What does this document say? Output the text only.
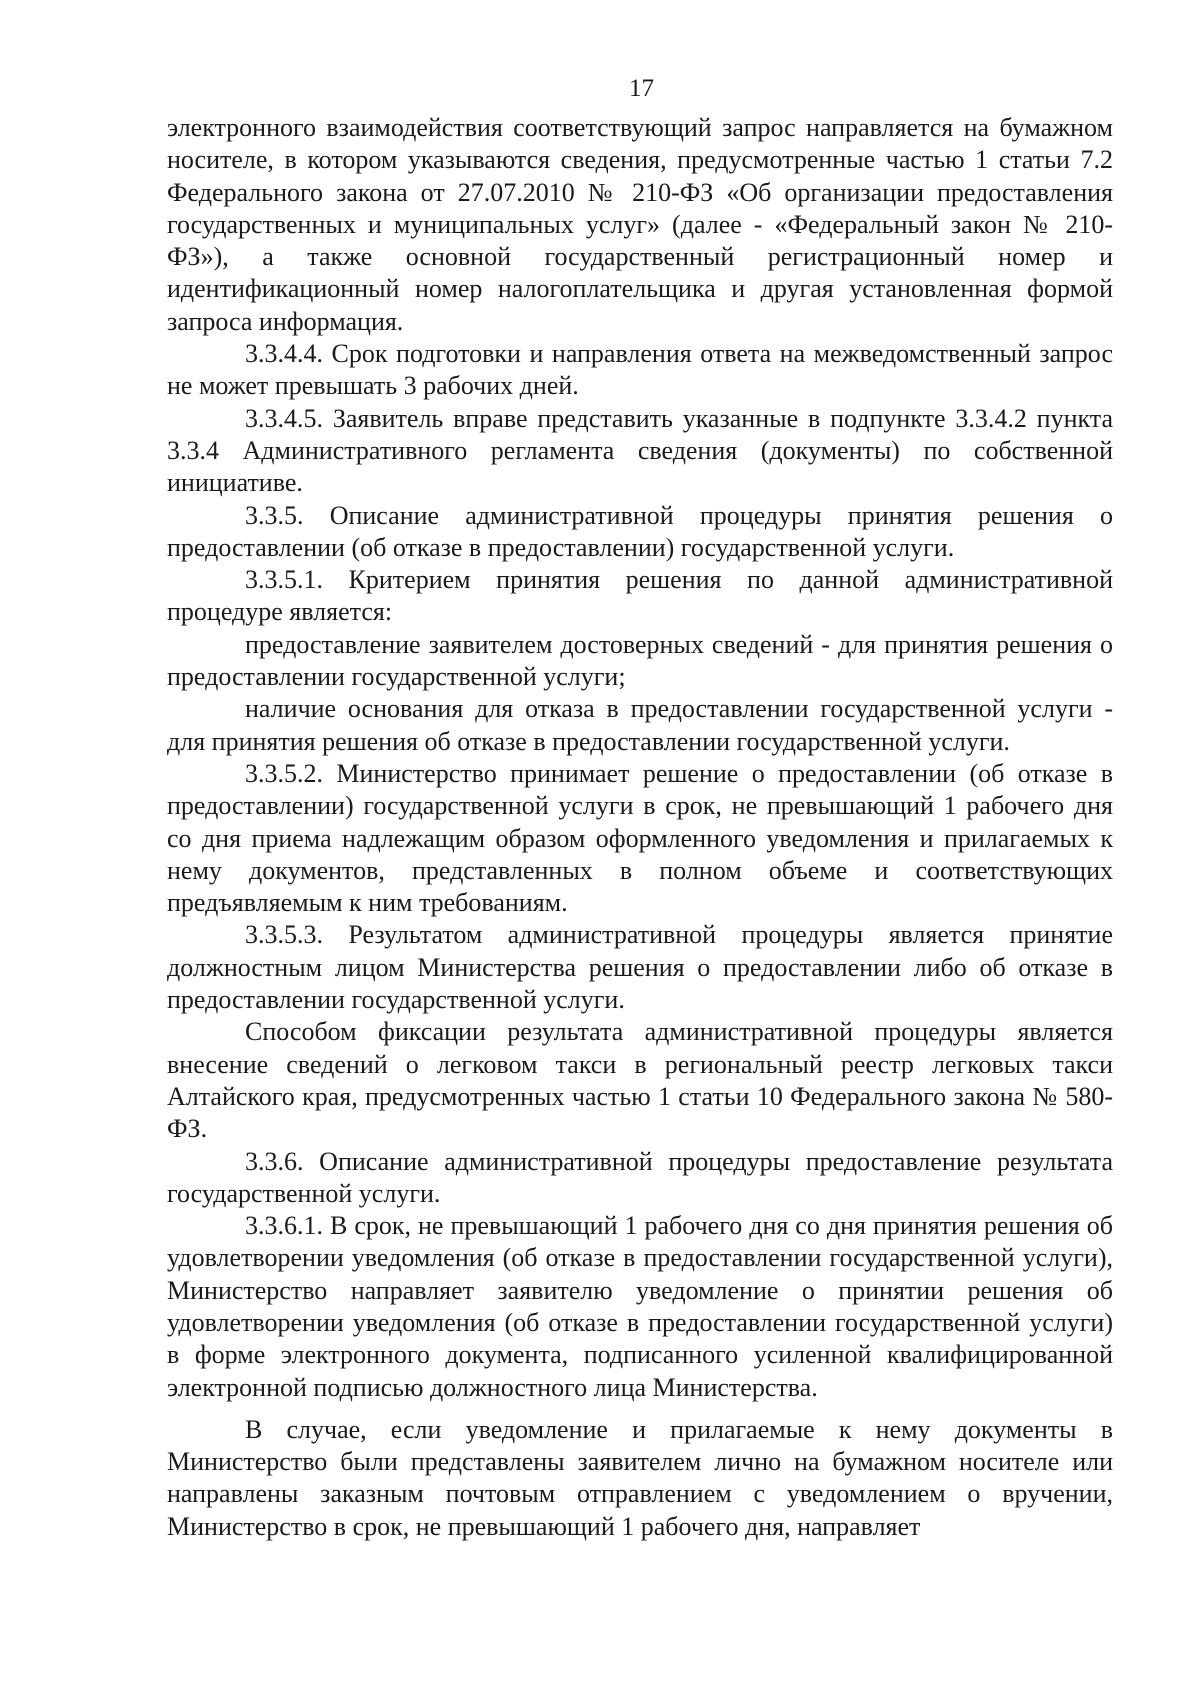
17

электронного взаимодействия соответствующий запрос направляется на бумажном носителе, в котором указываются сведения, предусмотренные частью 1 статьи 7.2 Федерального закона от 27.07.2010 № 210-ФЗ «Об организации предоставления государственных и муниципальных услуг» (далее - «Федеральный закон № 210-ФЗ»), а также основной государственный регистрационный номер и идентификационный номер налогоплательщика и другая установленная формой запроса информация.

3.3.4.4. Срок подготовки и направления ответа на межведомственный запрос не может превышать 3 рабочих дней.

3.3.4.5. Заявитель вправе представить указанные в подпункте 3.3.4.2 пункта 3.3.4 Административного регламента сведения (документы) по собственной инициативе.

3.3.5. Описание административной процедуры принятия решения о предоставлении (об отказе в предоставлении) государственной услуги.

3.3.5.1. Критерием принятия решения по данной административной процедуре является:

предоставление заявителем достоверных сведений - для принятия решения о предоставлении государственной услуги;

наличие основания для отказа в предоставлении государственной услуги - для принятия решения об отказе в предоставлении государственной услуги.

3.3.5.2. Министерство принимает решение о предоставлении (об отказе в предоставлении) государственной услуги в срок, не превышающий 1 рабочего дня со дня приема надлежащим образом оформленного уведомления и прилагаемых к нему документов, представленных в полном объеме и соответствующих предъявляемым к ним требованиям.

3.3.5.3. Результатом административной процедуры является принятие должностным лицом Министерства решения о предоставлении либо об отказе в предоставлении государственной услуги.

Способом фиксации результата административной процедуры является внесение сведений о легковом такси в региональный реестр легковых такси Алтайского края, предусмотренных частью 1 статьи 10 Федерального закона № 580-ФЗ.

3.3.6. Описание административной процедуры предоставление результата государственной услуги.

3.3.6.1. В срок, не превышающий 1 рабочего дня со дня принятия решения об удовлетворении уведомления (об отказе в предоставлении государственной услуги), Министерство направляет заявителю уведомление о принятии решения об удовлетворении уведомления (об отказе в предоставлении государственной услуги) в форме электронного документа, подписанного усиленной квалифицированной электронной подписью должностного лица Министерства.

В случае, если уведомление и прилагаемые к нему документы в Министерство были представлены заявителем лично на бумажном носителе или направлены заказным почтовым отправлением с уведомлением о вручении, Министерство в срок, не превышающий 1 рабочего дня, направляет
